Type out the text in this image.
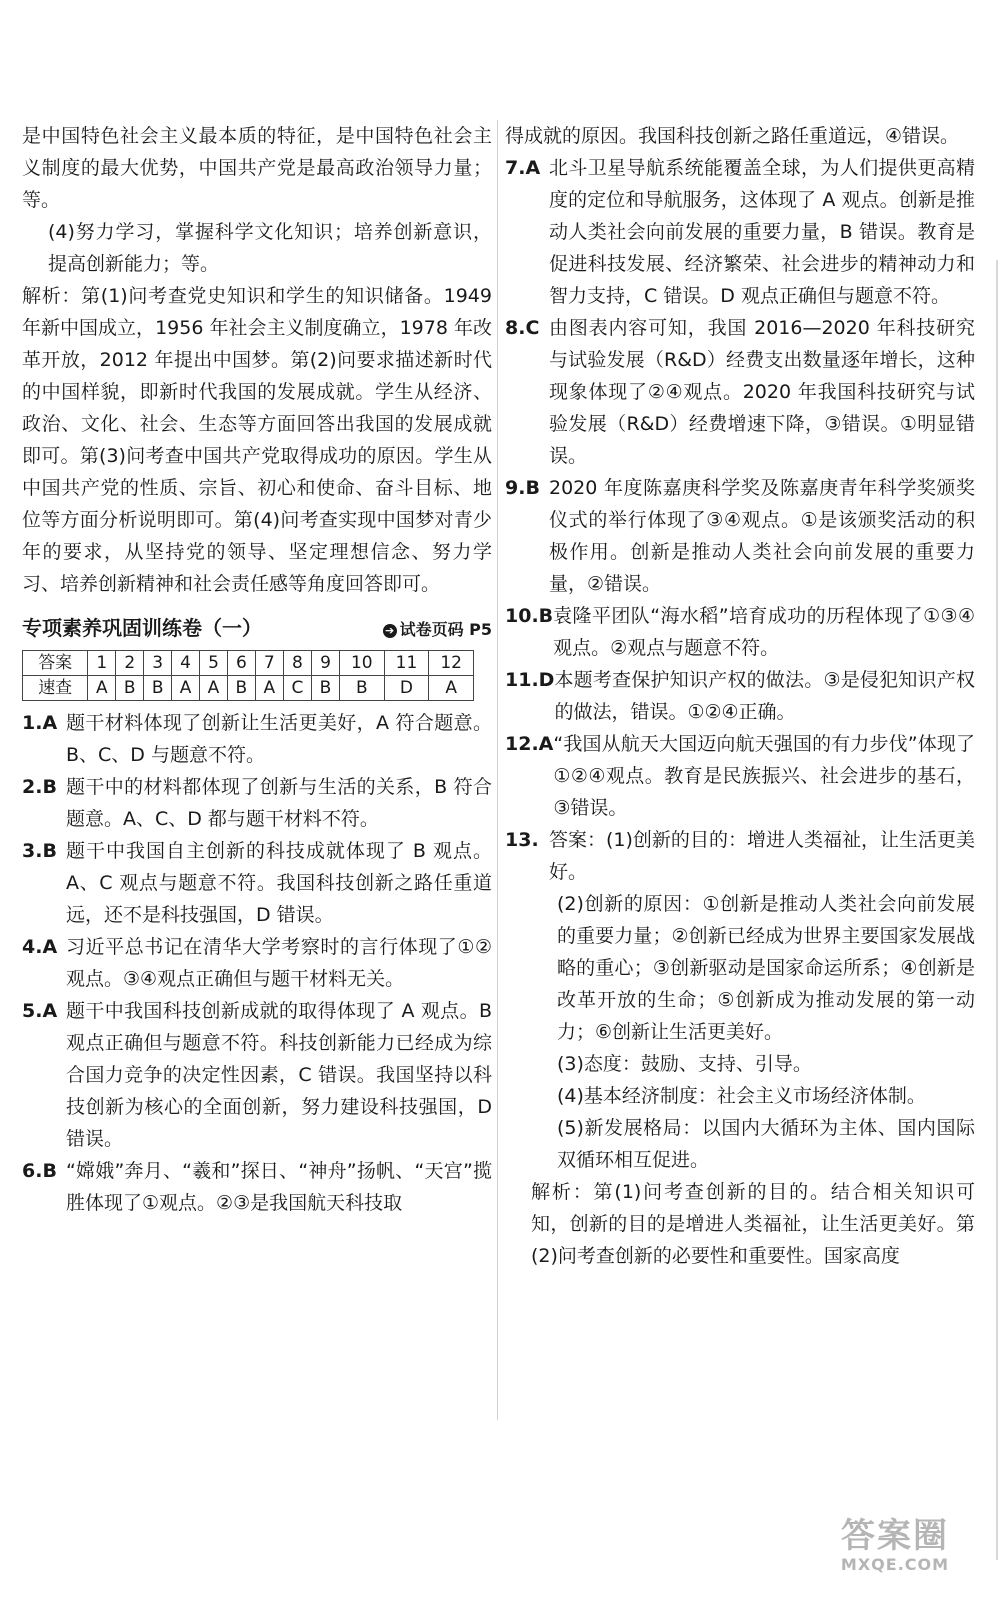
是中国特色社会主义最本质的特征，是中国特色社会主义制度的最大优势，中国共产党是最高政治领导力量；等。

(4)努力学习，掌握科学文化知识；培养创新意识，提高创新能力；等。

解析：第(1)问考查党史知识和学生的知识储备。1949 年新中国成立，1956 年社会主义制度确立，1978 年改革开放，2012 年提出中国梦。第(2)问要求描述新时代的中国样貌，即新时代我国的发展成就。学生从经济、政治、文化、社会、生态等方面回答出我国的发展成就即可。第(3)问考查中国共产党取得成功的原因。学生从中国共产党的性质、宗旨、初心和使命、奋斗目标、地位等方面分析说明即可。第(4)问考查实现中国梦对青少年的要求，从坚持党的领导、坚定理想信念、努力学习、培养创新精神和社会责任感等角度回答即可。

专项素养巩固训练卷（一）	➔ 试卷页码 P5
答案	1	2	3	4	5	6	7	8	9	10	11	12
速查	A	B	B	A	A	B	A	C	B	B	D	A
1.A 题干材料体现了创新让生活更美好，A 符合题意。B、C、D 与题意不符。
2.B 题干中的材料都体现了创新与生活的关系，B 符合题意。A、C、D 都与题干材料不符。
3.B 题干中我国自主创新的科技成就体现了 B 观点。A、C 观点与题意不符。我国科技创新之路任重道远，还不是科技强国，D 错误。
4.A 习近平总书记在清华大学考察时的言行体现了①②观点。③④观点正确但与题干材料无关。
5.A 题干中我国科技创新成就的取得体现了 A 观点。B 观点正确但与题意不符。科技创新能力已经成为综合国力竞争的决定性因素，C 错误。我国坚持以科技创新为核心的全面创新，努力建设科技强国，D 错误。
6.B “嫦娥”奔月、“羲和”探日、“神舟”扬帆、“天宫”揽胜体现了①观点。②③是我国航天科技取

得成就的原因。我国科技创新之路任重道远，④错误。

7.A 北斗卫星导航系统能覆盖全球，为人们提供更高精度的定位和导航服务，这体现了 A 观点。创新是推动人类社会向前发展的重要力量，B 错误。教育是促进科技发展、经济繁荣、社会进步的精神动力和智力支持，C 错误。D 观点正确但与题意不符。
8.C 由图表内容可知，我国 2016—2020 年科技研究与试验发展（R&D）经费支出数量逐年增长，这种现象体现了②④观点。2020 年我国科技研究与试验发展（R&D）经费增速下降，③错误。①明显错误。
9.B 2020 年度陈嘉庚科学奖及陈嘉庚青年科学奖颁奖仪式的举行体现了③④观点。①是该颁奖活动的积极作用。创新是推动人类社会向前发展的重要力量，②错误。
10.B 袁隆平团队“海水稻”培育成功的历程体现了①③④观点。②观点与题意不符。
11.D 本题考查保护知识产权的做法。③是侵犯知识产权的做法，错误。①②④正确。
12.A “我国从航天大国迈向航天强国的有力步伐”体现了①②④观点。教育是民族振兴、社会进步的基石，③错误。
13. 答案：(1)创新的目的：增进人类福祉，让生活更美好。

(2)创新的原因：①创新是推动人类社会向前发展的重要力量；②创新已经成为世界主要国家发展战略的重心；③创新驱动是国家命运所系；④创新是改革开放的生命；⑤创新成为推动发展的第一动力；⑥创新让生活更美好。

(3)态度：鼓励、支持、引导。

(4)基本经济制度：社会主义市场经济体制。

(5)新发展格局：以国内大循环为主体、国内国际双循环相互促进。

解析：第(1)问考查创新的目的。结合相关知识可知，创新的目的是增进人类福祉，让生活更美好。第(2)问考查创新的必要性和重要性。国家高度

答案圈
MXQE.COM
